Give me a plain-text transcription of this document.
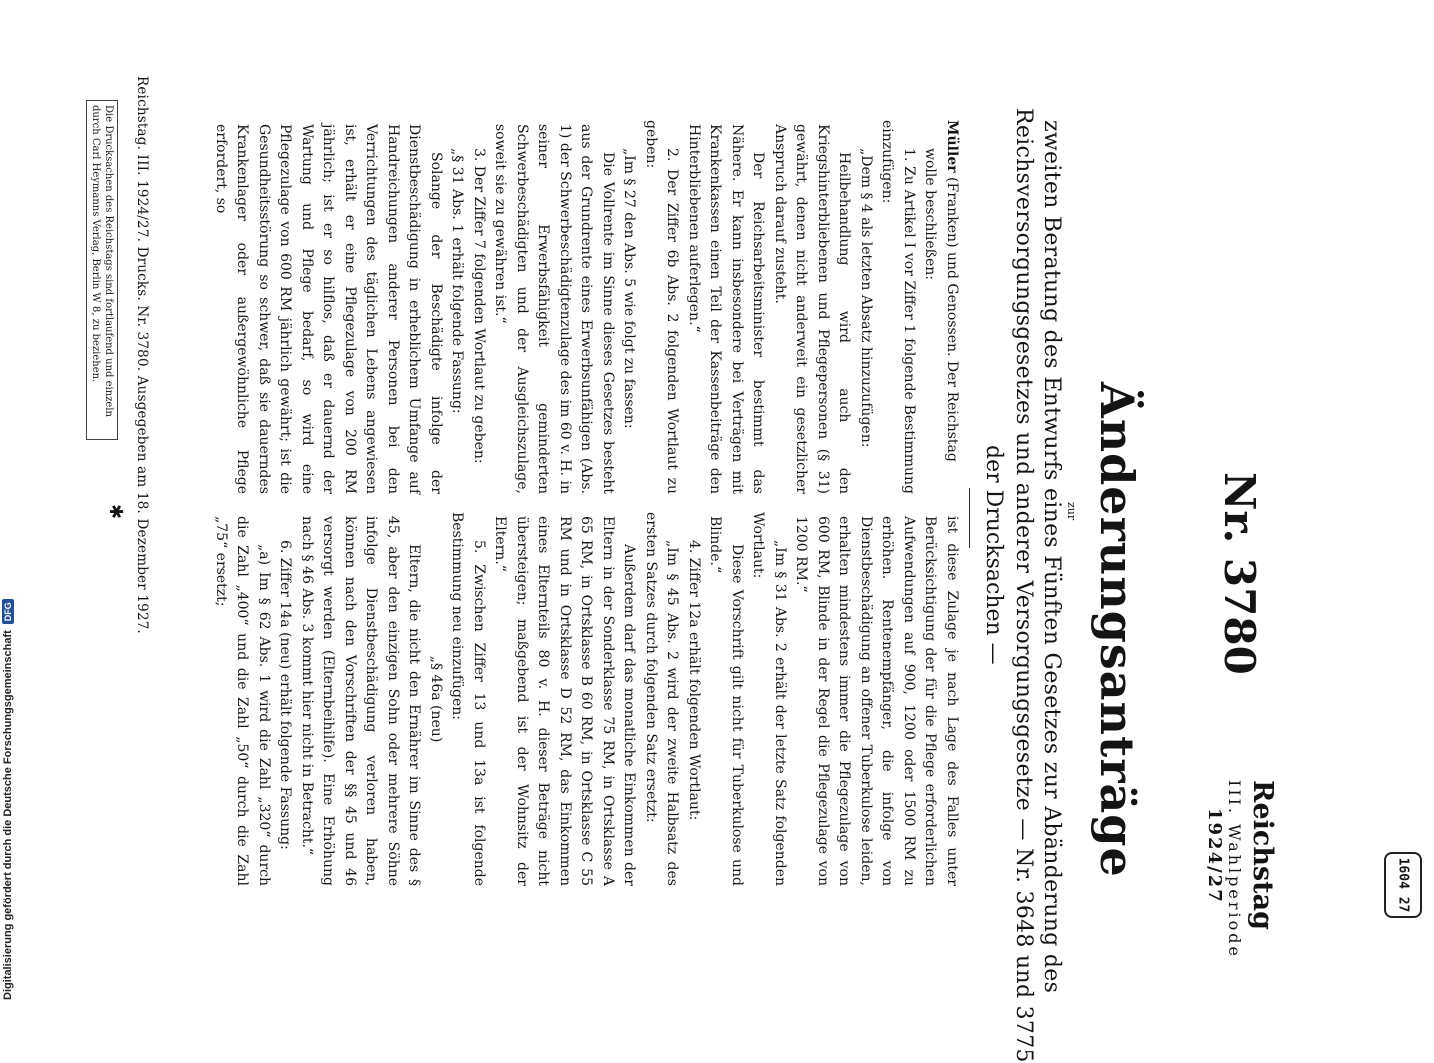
Digitalisierung gefördert durch die Deutsche Forschungsgemeinschaft
DFG
1604 27
Reichstag
III. Wahlperiode
1924/27
Nr. 3780
Änderungsanträge
zur
zweiten Beratung des Entwurfs eines Fünften Gesetzes zur Abänderung des
Reichsversorgungsgesetzes und anderer Versorgungsgesetze — Nr. 3648 und 3775
der Drucksachen —

Müller (Franken) und Genossen. Der Reichstag

wolle beschließen:

1. Zu Artikel I vor Ziffer 1 folgende Bestimmung einzufügen:

„Dem § 4 als letzten Absatz hinzuzufügen:

Heilbehandlung wird auch den Kriegshinterbliebenen und Pflegepersonen (§ 31) gewährt, denen nicht anderweit ein gesetzlicher Anspruch darauf zusteht.

Der Reichsarbeitsminister bestimmt das Nähere. Er kann insbesondere bei Verträgen mit Krankenkassen einen Teil der Kassenbeiträge den Hinterbliebenen auferlegen.“

2. Der Ziffer 6b Abs. 2 folgenden Wortlaut zu geben:

„Im § 27 den Abs. 5 wie folgt zu fassen:

Die Vollrente im Sinne dieses Gesetzes besteht aus der Grundrente eines Erwerbsunfähigen (Abs. 1) der Schwerbeschädigtenzulage des im 60 v. H. in seiner Erwerbsfähigkeit geminderten Schwerbeschädigten und der Ausgleichszulage, soweit sie zu gewähren ist.“

3. Der Ziffer 7 folgenden Wortlaut zu geben:

„§ 31 Abs. 1 erhält folgende Fassung:

Solange der Beschädigte infolge der Dienstbeschädigung in erheblichem Umfange auf Handreichungen anderer Personen bei den Verrichtungen des täglichen Lebens angewiesen ist, erhält er eine Pflegezulage von 200 RM jährlich; ist er so hilflos, daß er dauernd der Wartung und Pflege bedarf, so wird eine Pflegezulage von 600 RM jährlich gewährt; ist die Gesundheitsstörung so schwer, daß sie dauerndes Krankenlager oder außergewöhnliche Pflege erfordert, so

ist diese Zulage je nach Lage des Falles unter Berücksichtigung der für die Pflege erforderlichen Aufwendungen auf 900, 1200 oder 1500 RM zu erhöhen. Rentenempfänger, die infolge von Dienstbeschädigung an offener Tuberkulose leiden, erhalten mindestens immer die Pflegezulage von 600 RM, Blinde in der Regel die Pflegezulage von 1200 RM.“

„Im § 31 Abs. 2 erhält der letzte Satz folgenden Wortlaut:

Diese Vorschrift gilt nicht für Tuberkulose und Blinde.“

4. Ziffer 12a erhält folgenden Wortlaut:

„Im § 45 Abs. 2 wird der zweite Halbsatz des ersten Satzes durch folgenden Satz ersetzt:

Außerdem darf das monatliche Einkommen der Eltern in der Sonderklasse 75 RM, in Ortsklasse A 65 RM, in Ortsklasse B 60 RM, in Ortsklasse C 55 RM und in Ortsklasse D 52 RM, das Einkommen eines Elternteils 80 v. H. dieser Beträge nicht übersteigen; maßgebend ist der Wohnsitz der Eltern.“

5. Zwischen Ziffer 13 und 13a ist folgende Bestimmung neu einzufügen:

„§ 46a (neu)

Eltern, die nicht den Ernährer im Sinne des § 45, aber den einzigen Sohn oder mehrere Söhne infolge Dienstbeschädigung verloren haben, können nach den Vorschriften der §§ 45 und 46 versorgt werden (Elternbeihilfe). Eine Erhöhung nach § 46 Abs. 3 kommt hier nicht in Betracht.“

6. Ziffer 14a (neu) erhält folgende Fassung:

„a) Im § 62 Abs. 1 wird die Zahl „320“ durch die Zahl „400“ und die Zahl „50“ durch die Zahl „75“ ersetzt;

Reichstag. III. 1924/27. Drucks. Nr. 3780. Ausgegeben am 18. Dezember 1927.
✱
Die Drucksachen des Reichstags sind fortlaufend und einzeln durch Carl Heymanns Verlag, Berlin W 8, zu beziehen.
